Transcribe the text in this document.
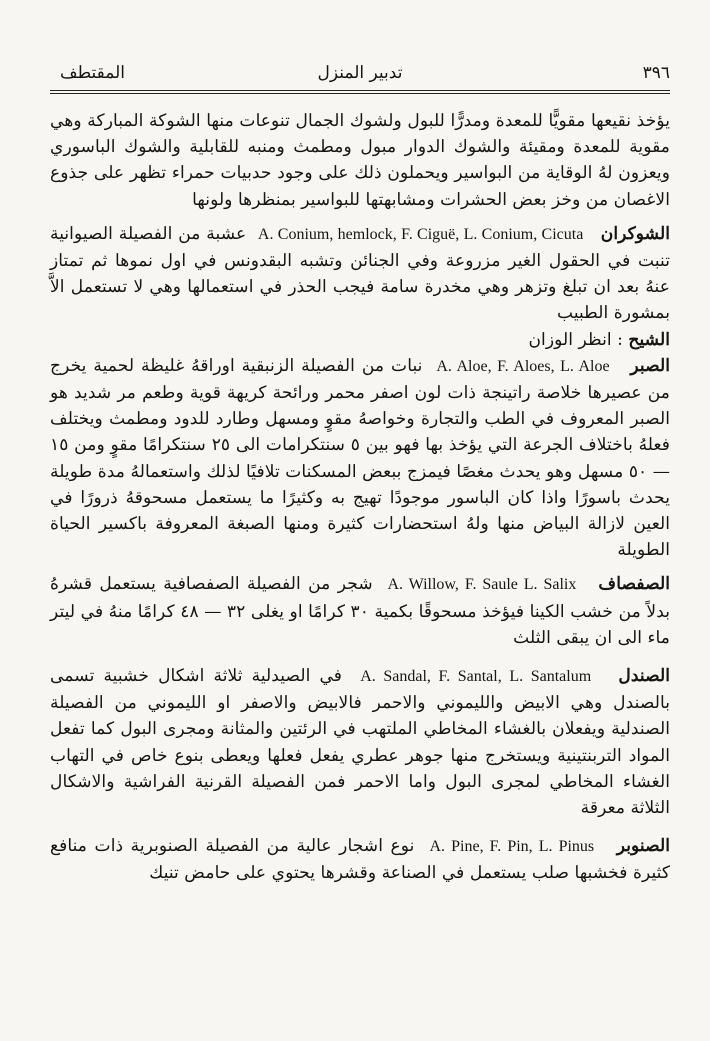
٣٩٦
تدبير المنزل
المقتطف

يؤخذ نقيعها مقويًّا للمعدة ومدرًّا للبول ولشوك الجمال تنوعات منها الشوكة المباركة وهي مقوية للمعدة ومقيئة والشوك الدوار مبول ومطمث ومنبه للقابلية والشوك الباسوري ويعزون لهُ الوقاية من البواسير ويحملون ذلك على وجود حدبيات حمراء تظهر على جذوع الاغصان من وخز بعض الحشرات ومشابهتها للبواسير بمنظرها ولونها

الشوكران   A. Conium, hemlock, F. Ciguë, L. Conium, Cicuta  عشبة من الفصيلة الصيوانية تنبت في الحقول الغير مزروعة وفي الجنائن وتشبه البقدونس في اول نموها ثم تمتاز عنهُ بعد ان تبلغ وتزهر وهي مخدرة سامة فيجب الحذر في استعمالها وهي لا تستعمل الاَّ بمشورة الطبيب

الشيح : انظر الوزان

الصبر   A. Aloe, F. Aloes, L. Aloe  نبات من الفصيلة الزنبقية اوراقهُ غليظة لحمية يخرج من عصيرها خلاصة راتينجة ذات لون اصفر محمر ورائحة كريهة قوية وطعم مر شديد هو الصبر المعروف في الطب والتجارة وخواصهُ مقوٍ ومسهل وطارد للدود ومطمث ويختلف فعلهُ باختلاف الجرعة التي يؤخذ بها فهو بين ٥ سنتكرامات الى ٢٥ سنتكرامًا مقوٍ ومن ١٥ — ٥٠ مسهل وهو يحدث مغصًا فيمزج ببعض المسكنات تلافيًا لذلك واستعمالهُ مدة طويلة يحدث باسورًا واذا كان الباسور موجودًا تهيج به وكثيرًا ما يستعمل مسحوقهُ ذرورًا في العين لازالة البياض منها ولهُ استحضارات كثيرة ومنها الصبغة المعروفة باكسير الحياة الطويلة

الصفصاف   A. Willow, F. Saule L. Salix  شجر من الفصيلة الصفصافية يستعمل قشرهُ بدلاً من خشب الكينا فيؤخذ مسحوقًا بكمية ٣٠ كرامًا او يغلى ٣٢ — ٤٨ كرامًا منهُ في ليتر ماء الى ان يبقى الثلث

الصندل   A. Sandal, F. Santal, L. Santalum  في الصيدلية ثلاثة اشكال خشبية تسمى بالصندل وهي الابيض والليموني والاحمر فالابيض والاصفر او الليموني من الفصيلة الصندلية ويفعلان بالغشاء المخاطي الملتهب في الرئتين والمثانة ومجرى البول كما تفعل المواد التربنتينية ويستخرج منها جوهر عطري يفعل فعلها ويعطى بنوع خاص في التهاب الغشاء المخاطي لمجرى البول واما الاحمر فمن الفصيلة القرنية الفراشية والاشكال الثلاثة معرقة

الصنوبر   A. Pine, F. Pin, L. Pinus  نوع اشجار عالية من الفصيلة الصنوبرية ذات منافع كثيرة فخشبها صلب يستعمل في الصناعة وقشرها يحتوي على حامض تنيك
